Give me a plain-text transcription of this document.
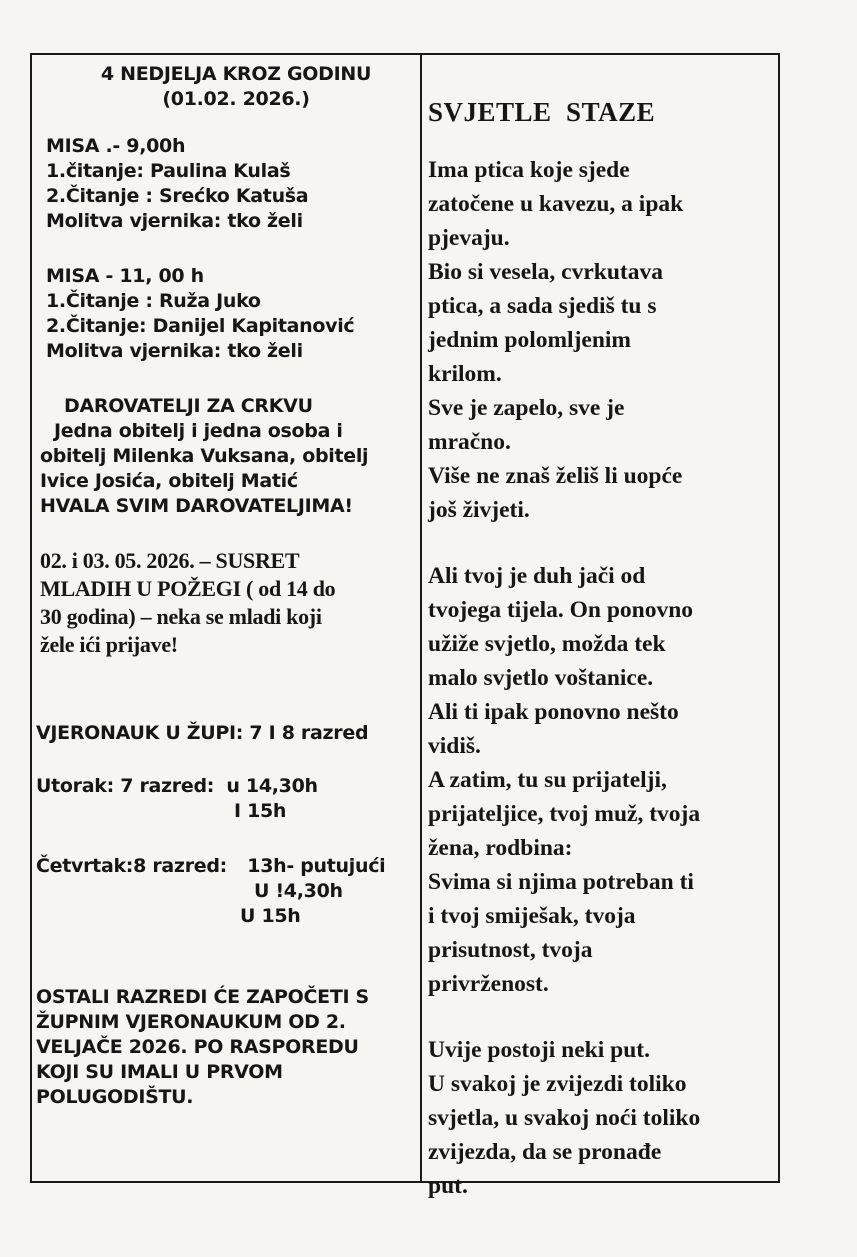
4 NEDJELJA KROZ GODINU
(01.02. 2026.)
MISA .- 9,00h
1.čitanje: Paulina Kulaš
2.Čitanje : Srećko Katuša
Molitva vjernika: tko želi
MISA - 11, 00 h
1.Čitanje : Ruža Juko
2.Čitanje: Danijel Kapitanović
Molitva vjernika: tko želi
DAROVATELJI ZA CRKVU
Jedna obitelj i jedna osoba i
obitelj Milenka Vuksana, obitelj
Ivice Josića, obitelj Matić
HVALA SVIM DAROVATELJIMA!
02. i 03. 05. 2026. – SUSRET
MLADIH U POŽEGI ( od 14 do
30 godina) – neka se mladi koji
žele ići prijave!
VJERONAUK U ŽUPI: 7 I 8 razred
Utorak: 7 razred: u 14,30h
I 15h
Četvrtak:8 razred: 13h- putujući
U !4,30h
U 15h
OSTALI RAZREDI ĆE ZAPOČETI S
ŽUPNIM VJERONAUKUM OD 2.
VELJAČE 2026. PO RASPOREDU
KOJI SU IMALI U PRVOM
POLUGODIŠTU.
SVJETLE  STAZE
Ima ptica koje sjede
zatočene u kavezu, a ipak
pjevaju.
Bio si vesela, cvrkutava
ptica, a sada sjediš tu s
jednim polomljenim
krilom.
Sve je zapelo, sve je
mračno.
Više ne znaš želiš li uopće
još živjeti.
Ali tvoj je duh jači od
tvojega tijela. On ponovno
užiže svjetlo, možda tek
malo svjetlo voštanice.
Ali ti ipak ponovno nešto
vidiš.
A zatim, tu su prijatelji,
prijateljice, tvoj muž, tvoja
žena, rodbina:
Svima si njima potreban ti
i tvoj smiješak, tvoja
prisutnost, tvoja
privrženost.
Uvije postoji neki put.
U svakoj je zvijezdi toliko
svjetla, u svakoj noći toliko
zvijezda, da se pronađe
put.
